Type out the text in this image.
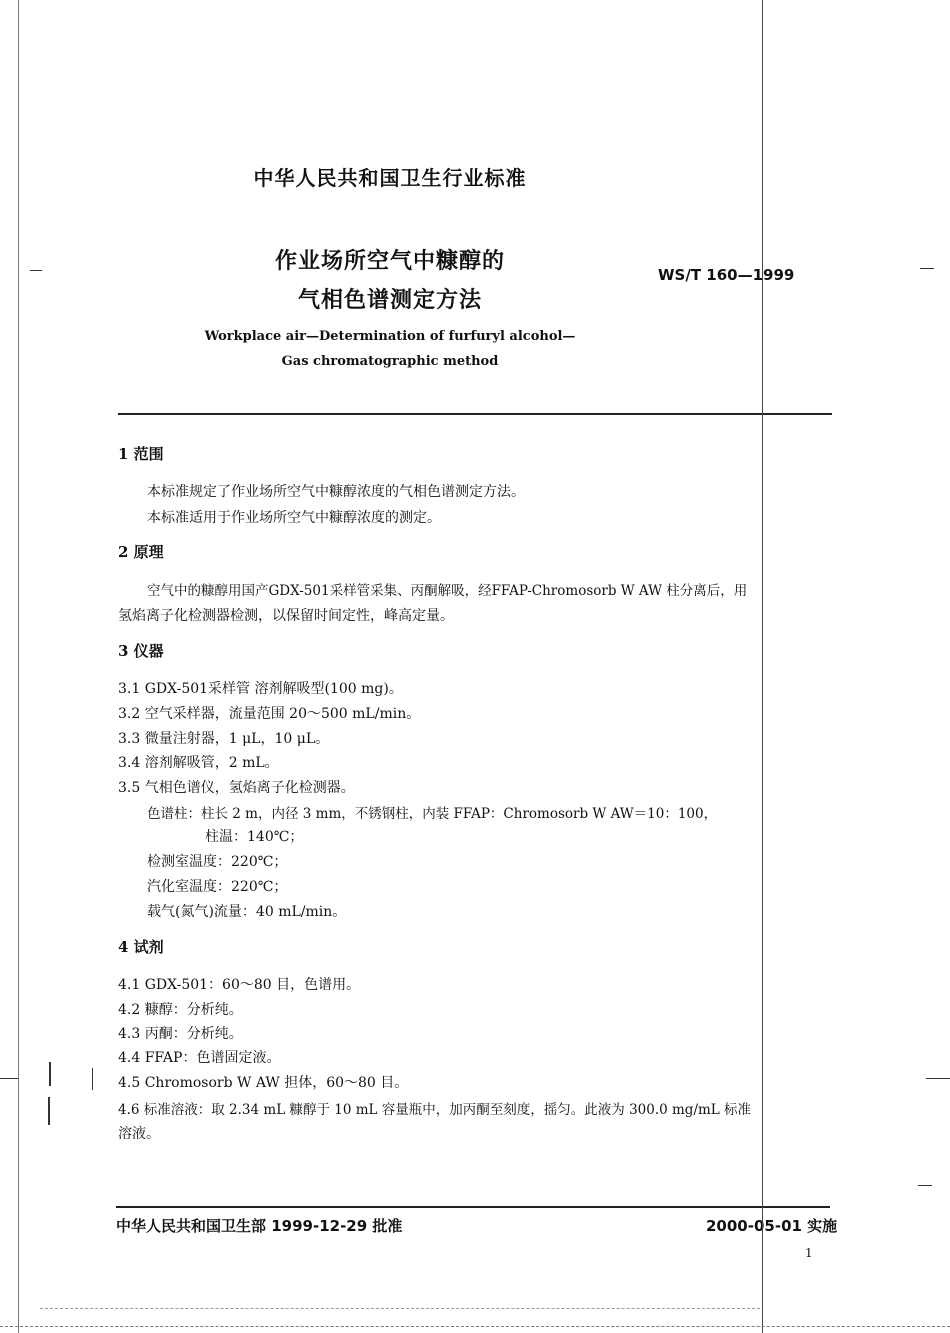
中华人民共和国卫生行业标准
作业场所空气中糠醇的
气相色谱测定方法
WS/T 160—1999
Workplace air—Determination of furfuryl alcohol—
Gas chromatographic method
1 范围
本标准规定了作业场所空气中糠醇浓度的气相色谱测定方法。
本标准适用于作业场所空气中糠醇浓度的测定。
2 原理
空气中的糠醇用国产GDX-501采样管采集、丙酮解吸，经FFAP-Chromosorb W AW 柱分离后，用
氢焰离子化检测器检测，以保留时间定性，峰高定量。
3 仪器
3.1 GDX-501采样管 溶剂解吸型(100 mg)。
3.2 空气采样器，流量范围 20～500 mL/min。
3.3 微量注射器，1 μL，10 μL。
3.4 溶剂解吸管，2 mL。
3.5 气相色谱仪，氢焰离子化检测器。
色谱柱：柱长 2 m，内径 3 mm，不锈钢柱，内装 FFAP：Chromosorb W AW＝10：100，
柱温：140℃；
检测室温度：220℃；
汽化室温度：220℃；
载气(氮气)流量：40 mL/min。
4 试剂
4.1 GDX-501：60～80 目，色谱用。
4.2 糠醇：分析纯。
4.3 丙酮：分析纯。
4.4 FFAP：色谱固定液。
4.5 Chromosorb W AW 担体，60～80 目。
4.6 标准溶液：取 2.34 mL 糠醇于 10 mL 容量瓶中，加丙酮至刻度，摇匀。此液为 300.0 mg/mL 标准
溶液。
中华人民共和国卫生部 1999-12-29 批准	2000-05-01 实施
1
